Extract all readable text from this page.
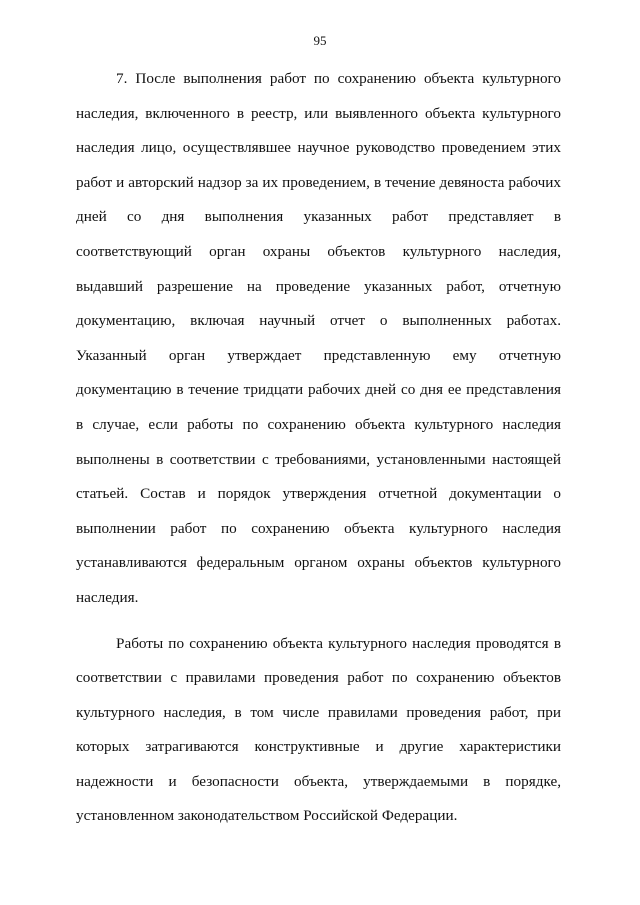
95

7. После выполнения работ по сохранению объекта культурного наследия, включенного в реестр, или выявленного объекта культурного наследия лицо, осуществлявшее научное руководство проведением этих работ и авторский надзор за их проведением, в течение девяноста рабочих дней со дня выполнения указанных работ представляет в соответствующий орган охраны объектов культурного наследия, выдавший разрешение на проведение указанных работ, отчетную документацию, включая научный отчет о выполненных работах. Указанный орган утверждает представленную ему отчетную документацию в течение тридцати рабочих дней со дня ее представления в случае, если работы по сохранению объекта культурного наследия выполнены в соответствии с требованиями, установленными настоящей статьей. Состав и порядок утверждения отчетной документации о выполнении работ по сохранению объекта культурного наследия устанавливаются федеральным органом охраны объектов культурного наследия.

Работы по сохранению объекта культурного наследия проводятся в соответствии с правилами проведения работ по сохранению объектов культурного наследия, в том числе правилами проведения работ, при которых затрагиваются конструктивные и другие характеристики надежности и безопасности объекта, утверждаемыми в порядке, установленном законодательством Российской Федерации.
